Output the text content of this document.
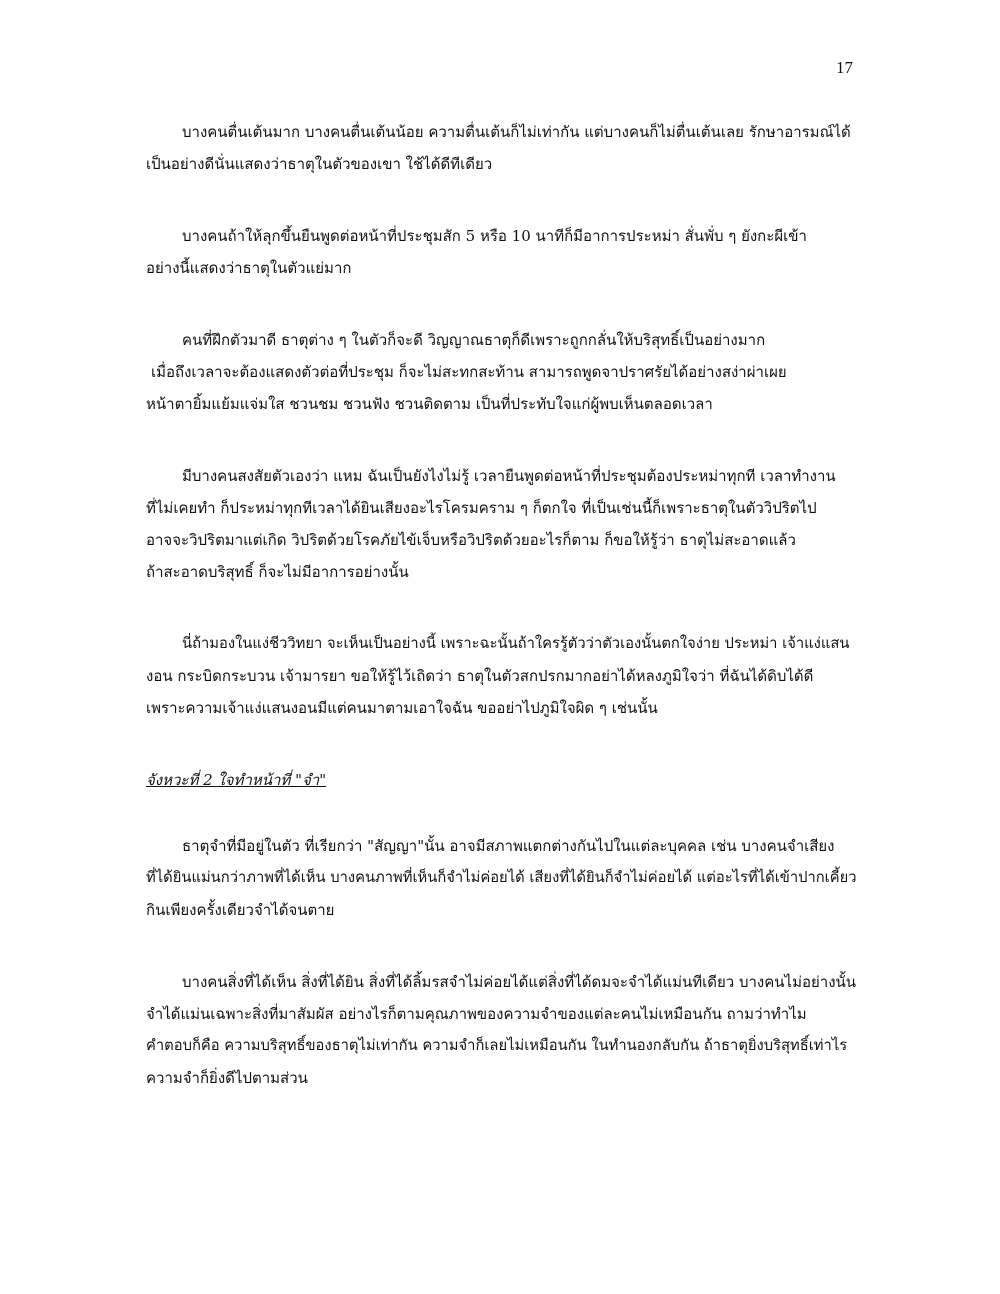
17
บางคนตื่นเต้นมาก บางคนตื่นเต้นน้อย ความตื่นเต้นก็ไม่เท่ากัน แต่บางคนก็ไม่ตื่นเต้นเลย รักษาอารมณ์ได้
เป็นอย่างดีนั่นแสดงว่าธาตุในตัวของเขา ใช้ได้ดีทีเดียว
บางคนถ้าให้ลุกขึ้นยืนพูดต่อหน้าที่ประชุมสัก 5 หรือ 10 นาทีก็มีอาการประหม่า สั่นพั่บ ๆ ยังกะผีเข้า
อย่างนี้แสดงว่าธาตุในตัวแย่มาก
คนที่ฝึกตัวมาดี ธาตุต่าง ๆ ในตัวก็จะดี วิญญาณธาตุก็ดีเพราะถูกกลั่นให้บริสุทธิ์เป็นอย่างมาก
เมื่อถึงเวลาจะต้องแสดงตัวต่อที่ประชุม ก็จะไม่สะทกสะท้าน สามารถพูดจาปราศรัยได้อย่างสง่าผ่าเผย
หน้าตายิ้มแย้มแจ่มใส ชวนชม ชวนฟัง ชวนติดตาม เป็นที่ประทับใจแก่ผู้พบเห็นตลอดเวลา
มีบางคนสงสัยตัวเองว่า แหม ฉันเป็นยังไงไม่รู้ เวลายืนพูดต่อหน้าที่ประชุมต้องประหม่าทุกที เวลาทำงาน
ที่ไม่เคยทำ ก็ประหม่าทุกทีเวลาได้ยินเสียงอะไรโครมคราม ๆ ก็ตกใจ ที่เป็นเช่นนี้ก็เพราะธาตุในตัววิปริตไป
อาจจะวิปริตมาแต่เกิด วิปริตด้วยโรคภัยไข้เจ็บหรือวิปริตด้วยอะไรก็ตาม ก็ขอให้รู้ว่า ธาตุไม่สะอาดแล้ว
ถ้าสะอาดบริสุทธิ์ ก็จะไม่มีอาการอย่างนั้น
นี่ถ้ามองในแง่ชีววิทยา จะเห็นเป็นอย่างนี้ เพราะฉะนั้นถ้าใครรู้ตัวว่าตัวเองนั้นตกใจง่าย ประหม่า เจ้าแง่แสน
งอน กระบิดกระบวน เจ้ามารยา ขอให้รู้ไว้เถิดว่า ธาตุในตัวสกปรกมากอย่าได้หลงภูมิใจว่า ที่ฉันได้ดิบได้ดี
เพราะความเจ้าแง่แสนงอนมีแต่คนมาตามเอาใจฉัน ขออย่าไปภูมิใจผิด ๆ เช่นนั้น
จังหวะที่ 2 ใจทำหน้าที่ "จำ"
ธาตุจำที่มีอยู่ในตัว ที่เรียกว่า "สัญญา"นั้น อาจมีสภาพแตกต่างกันไปในแต่ละบุคคล เช่น บางคนจำเสียง
ที่ได้ยินแม่นกว่าภาพที่ได้เห็น บางคนภาพที่เห็นก็จำไม่ค่อยได้ เสียงที่ได้ยินก็จำไม่ค่อยได้ แต่อะไรที่ได้เข้าปากเคี้ยว
กินเพียงครั้งเดียวจำได้จนตาย
บางคนสิ่งที่ได้เห็น สิ่งที่ได้ยิน สิ่งที่ได้ลิ้มรสจำไม่ค่อยได้แต่สิ่งที่ได้ดมจะจำได้แม่นทีเดียว บางคนไม่อย่างนั้น
จำได้แม่นเฉพาะสิ่งที่มาสัมผัส อย่างไรก็ตามคุณภาพของความจำของแต่ละคนไม่เหมือนกัน ถามว่าทำไม
คำตอบก็คือ ความบริสุทธิ์ของธาตุไม่เท่ากัน ความจำก็เลยไม่เหมือนกัน ในทำนองกลับกัน ถ้าธาตุยิ่งบริสุทธิ์เท่าไร
ความจำก็ยิ่งดีไปตามส่วน
